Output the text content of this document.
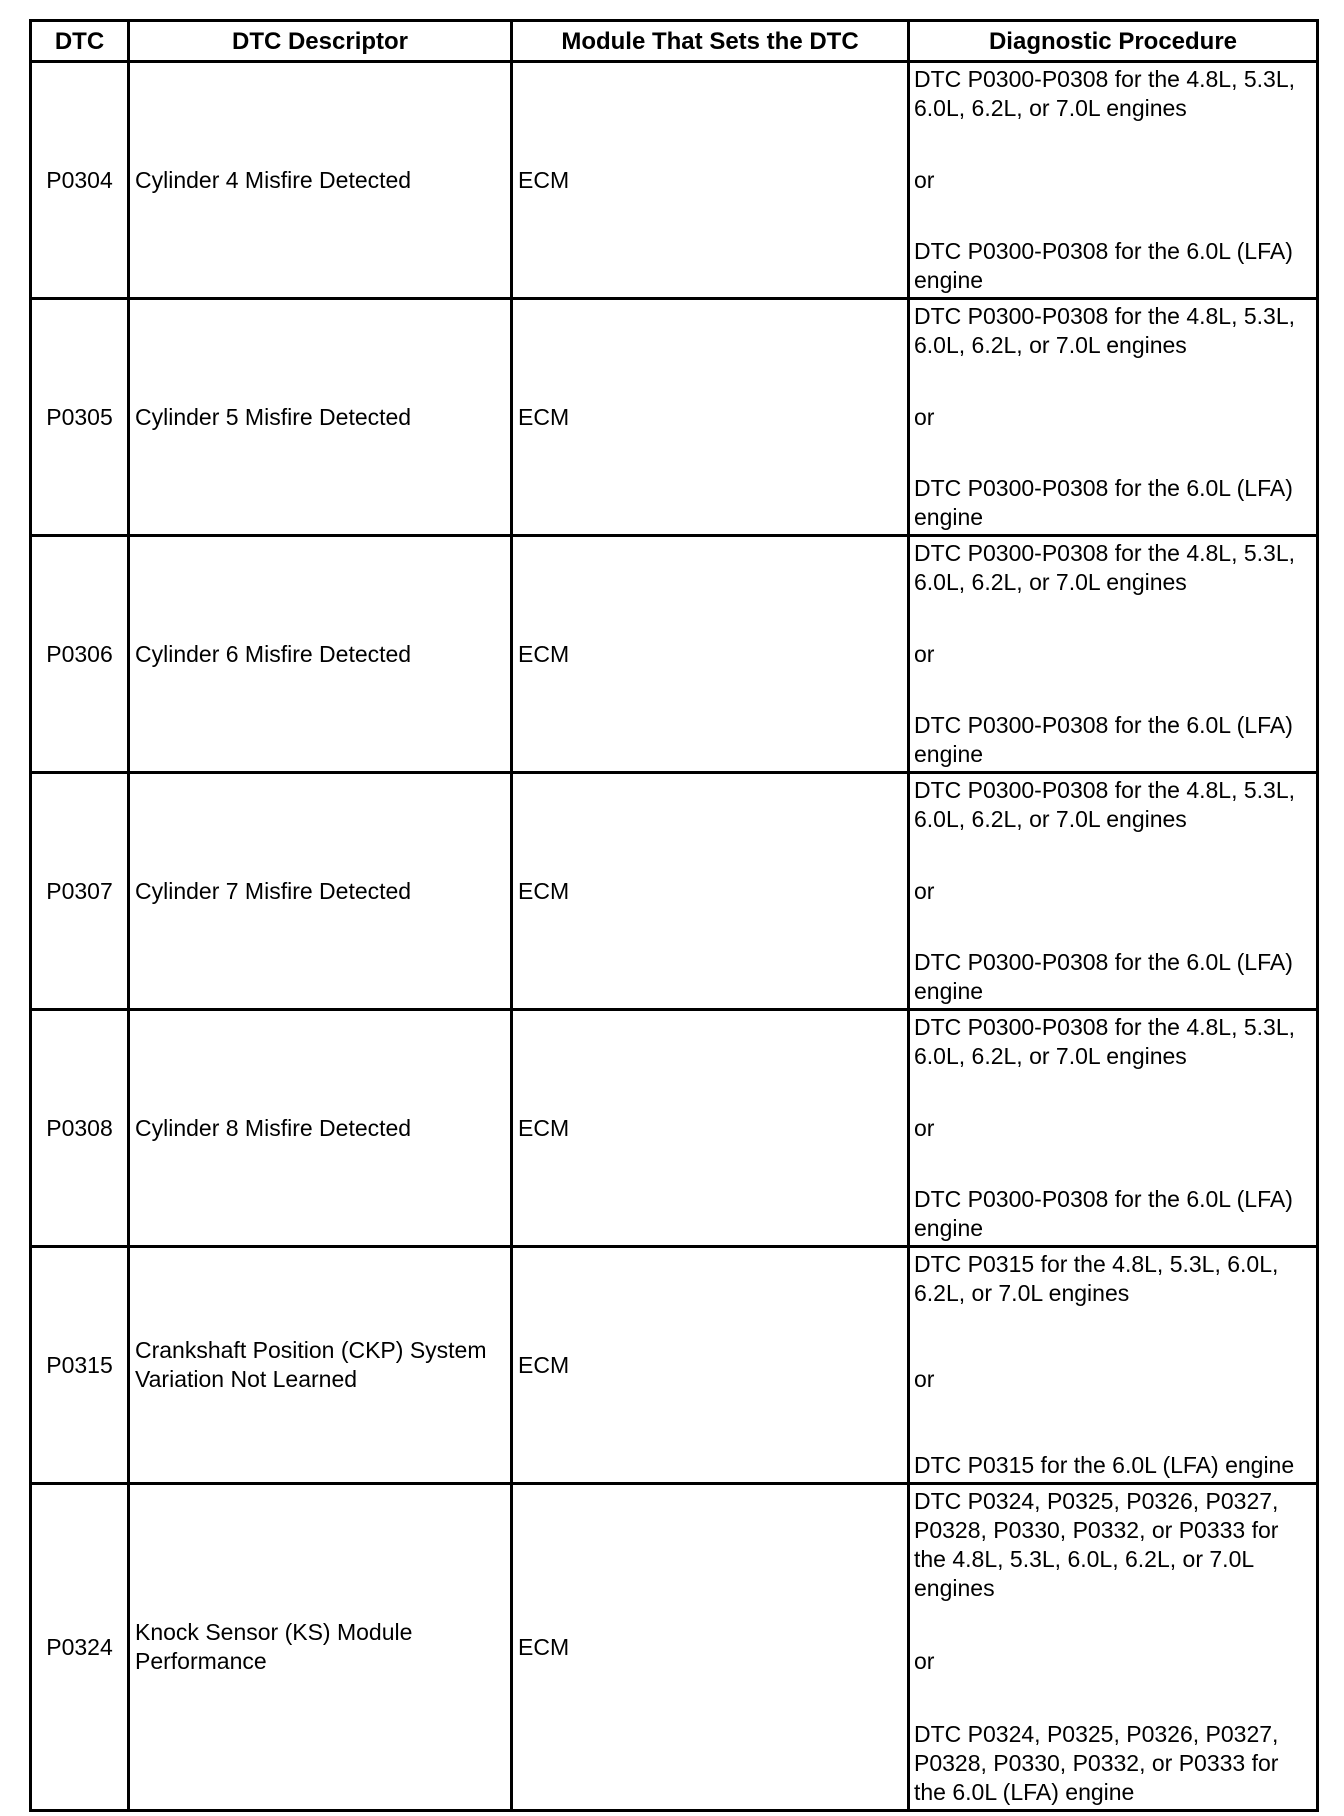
DTC	DTC Descriptor	Module That Sets the DTC	Diagnostic Procedure
P0304	Cylinder 4 Misfire Detected	ECM	DTC P0300-P0308 for the 4.8L, 5.3L, 6.0L, 6.2L, or 7.0L engines
or
DTC P0300-P0308 for the 6.0L (LFA) engine

P0305	Cylinder 5 Misfire Detected	ECM	DTC P0300-P0308 for the 4.8L, 5.3L, 6.0L, 6.2L, or 7.0L engines
or
DTC P0300-P0308 for the 6.0L (LFA) engine

P0306	Cylinder 6 Misfire Detected	ECM	DTC P0300-P0308 for the 4.8L, 5.3L, 6.0L, 6.2L, or 7.0L engines
or
DTC P0300-P0308 for the 6.0L (LFA) engine

P0307	Cylinder 7 Misfire Detected	ECM	DTC P0300-P0308 for the 4.8L, 5.3L, 6.0L, 6.2L, or 7.0L engines
or
DTC P0300-P0308 for the 6.0L (LFA) engine

P0308	Cylinder 8 Misfire Detected	ECM	DTC P0300-P0308 for the 4.8L, 5.3L, 6.0L, 6.2L, or 7.0L engines
or
DTC P0300-P0308 for the 6.0L (LFA) engine

P0315	Crankshaft Position (CKP) System Variation Not Learned	ECM	DTC P0315 for the 4.8L, 5.3L, 6.0L, 6.2L, or 7.0L engines
or
DTC P0315 for the 6.0L (LFA) engine

P0324	Knock Sensor (KS) Module Performance	ECM	DTC P0324, P0325, P0326, P0327, P0328, P0330, P0332, or P0333 for the 4.8L, 5.3L, 6.0L, 6.2L, or 7.0L engines
or
DTC P0324, P0325, P0326, P0327, P0328, P0330, P0332, or P0333 for the 6.0L (LFA) engine
